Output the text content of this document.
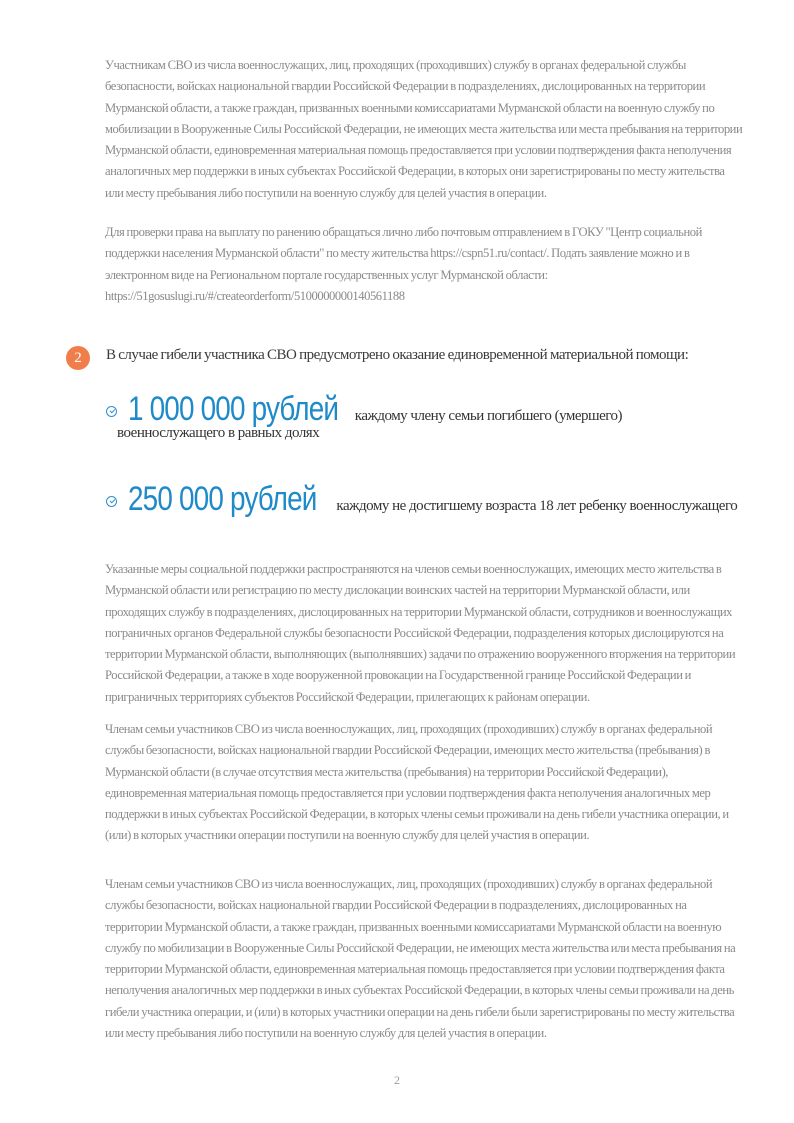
Участникам СВО из числа военнослужащих, лиц, проходящих (проходивших) службу в органах федеральной службы безопасности, войсках национальной гвардии Российской Федерации в подразделениях, дислоцированных на территории Мурманской области, а также граждан, призванных военными комиссариатами Мурманской области на военную службу по мобилизации в Вооруженные Силы Российской Федерации, не имеющих места жительства или места пребывания на территории Мурманской области, единовременная материальная помощь предоставляется при условии подтверждения факта неполучения аналогичных мер поддержки в иных субъектах Российской Федерации, в которых они зарегистрированы по месту жительства или месту пребывания либо поступили на военную службу для целей участия в операции.

Для проверки права на выплату по ранению обращаться лично либо почтовым отправлением в ГОКУ "Центр социальной поддержки населения Мурманской области" по месту жительства https://cspn51.ru/contact/. Подать заявление можно и в электронном виде на Региональном портале государственных услуг Мурманской области: https://51gosuslugi.ru/#/createorderform/5100000000140561188

2	В случае гибели участника СВО предусмотрено оказание единовременной материальной помощи:
1 000 000 рублей каждому члену семьи погибшего (умершего)
военнослужащего в равных долях
250 000 рублей каждому не достигшему возраста 18 лет ребенку военнослужащего

Указанные меры социальной поддержки распространяются на членов семьи военнослужащих, имеющих место жительства в Мурманской области или регистрацию по месту дислокации воинских частей на территории Мурманской области, или проходящих службу в подразделениях, дислоцированных на территории Мурманской области, сотрудников и военнослужащих пограничных органов Федеральной службы безопасности Российской Федерации, подразделения которых дислоцируются на территории Мурманской области, выполняющих (выполнявших) задачи по отражению вооруженного вторжения на территории Российской Федерации, а также в ходе вооруженной провокации на Государственной границе Российской Федерации и приграничных территориях субъектов Российской Федерации, прилегающих к районам операции.

Членам семьи участников СВО из числа военнослужащих, лиц, проходящих (проходивших) службу в органах федеральной службы безопасности, войсках национальной гвардии Российской Федерации, имеющих место жительства (пребывания) в Мурманской области (в случае отсутствия места жительства (пребывания) на территории Российской Федерации), единовременная материальная помощь предоставляется при условии подтверждения факта неполучения аналогичных мер поддержки в иных субъектах Российской Федерации, в которых члены семьи проживали на день гибели участника операции, и (или) в которых участники операции поступили на военную службу для целей участия в операции.

Членам семьи участников СВО из числа военнослужащих, лиц, проходящих (проходивших) службу в органах федеральной службы безопасности, войсках национальной гвардии Российской Федерации в подразделениях, дислоцированных на территории Мурманской области, а также граждан, призванных военными комиссариатами Мурманской области на военную службу по мобилизации в Вооруженные Силы Российской Федерации, не имеющих места жительства или места пребывания на территории Мурманской области, единовременная материальная помощь предоставляется при условии подтверждения факта неполучения аналогичных мер поддержки в иных субъектах Российской Федерации, в которых члены семьи проживали на день гибели участника операции, и (или) в которых участники операции на день гибели были зарегистрированы по месту жительства или месту пребывания либо поступили на военную службу для целей участия в операции.

2
